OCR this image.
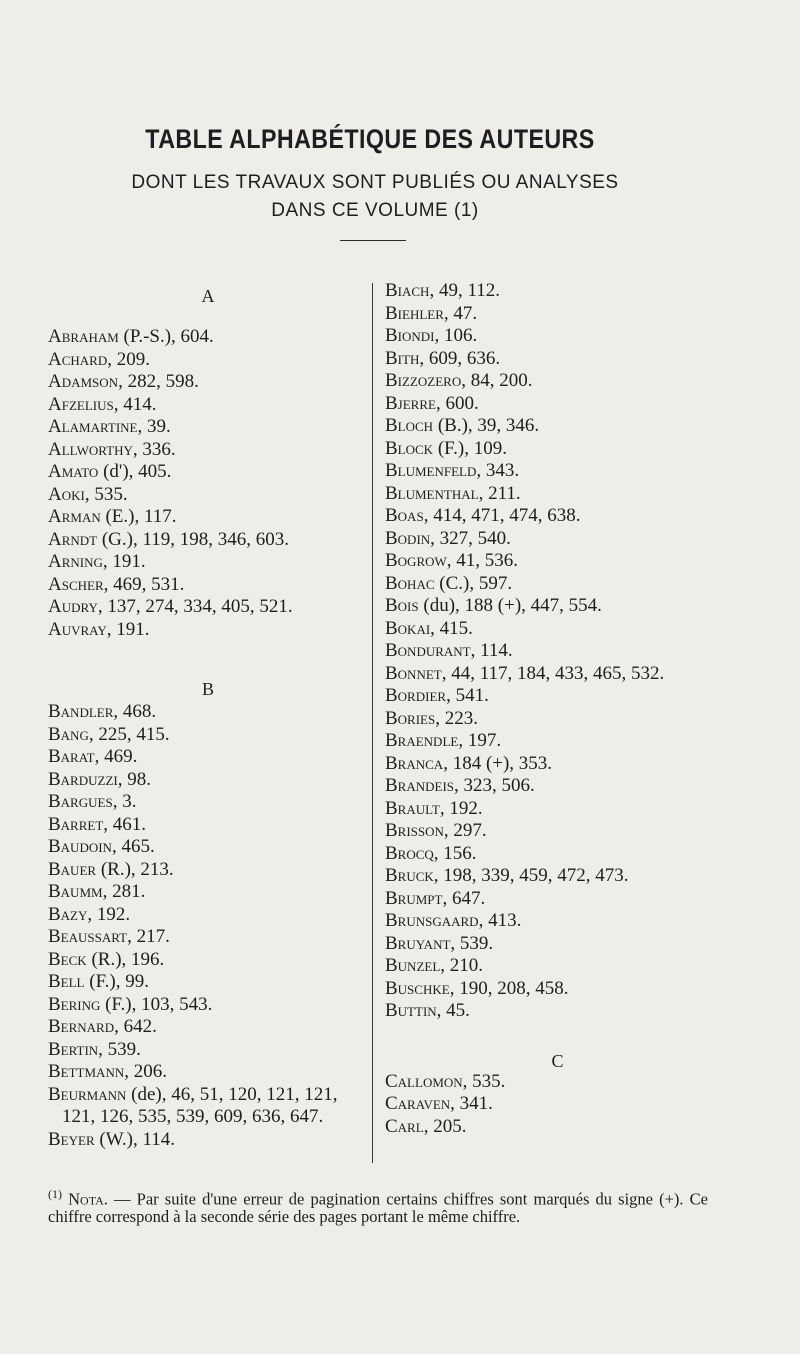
TABLE ALPHABÉTIQUE DES AUTEURS
DONT LES TRAVAUX SONT PUBLIÉS OU ANALYSES
DANS CE VOLUME (1)
A
Abraham (P.-S.), 604.
Achard, 209.
Adamson, 282, 598.
Afzelius, 414.
Alamartine, 39.
Allworthy, 336.
Amato (d'), 405.
Aoki, 535.
Arman (E.), 117.
Arndt (G.), 119, 198, 346, 603.
Arning, 191.
Ascher, 469, 531.
Audry, 137, 274, 334, 405, 521.
Auvray, 191.
B
Bandler, 468.
Bang, 225, 415.
Barat, 469.
Barduzzi, 98.
Bargues, 3.
Barret, 461.
Baudoin, 465.
Bauer (R.), 213.
Baumm, 281.
Bazy, 192.
Beaussart, 217.
Beck (R.), 196.
Bell (F.), 99.
Bering (F.), 103, 543.
Bernard, 642.
Bertin, 539.
Bettmann, 206.
Beurmann (de), 46, 51, 120, 121, 121, 121, 126, 535, 539, 609, 636, 647.
Beyer (W.), 114.
Biach, 49, 112.
Biehler, 47.
Biondi, 106.
Bith, 609, 636.
Bizzozero, 84, 200.
Bjerre, 600.
Bloch (B.), 39, 346.
Block (F.), 109.
Blumenfeld, 343.
Blumenthal, 211.
Boas, 414, 471, 474, 638.
Bodin, 327, 540.
Bogrow, 41, 536.
Bohac (C.), 597.
Bois (du), 188 (+), 447, 554.
Bokai, 415.
Bondurant, 114.
Bonnet, 44, 117, 184, 433, 465, 532.
Bordier, 541.
Bories, 223.
Braendle, 197.
Branca, 184 (+), 353.
Brandeis, 323, 506.
Brault, 192.
Brisson, 297.
Brocq, 156.
Bruck, 198, 339, 459, 472, 473.
Brumpt, 647.
Brunsgaard, 413.
Bruyant, 539.
Bunzel, 210.
Buschke, 190, 208, 458.
Buttin, 45.
C
Callomon, 535.
Caraven, 341.
Carl, 205.
$^{(1)}$ Nota. — Par suite d'une erreur de pagination certains chiffres sont marqués du signe (+). Ce chiffre correspond à la seconde série des pages portant le même chiffre.
